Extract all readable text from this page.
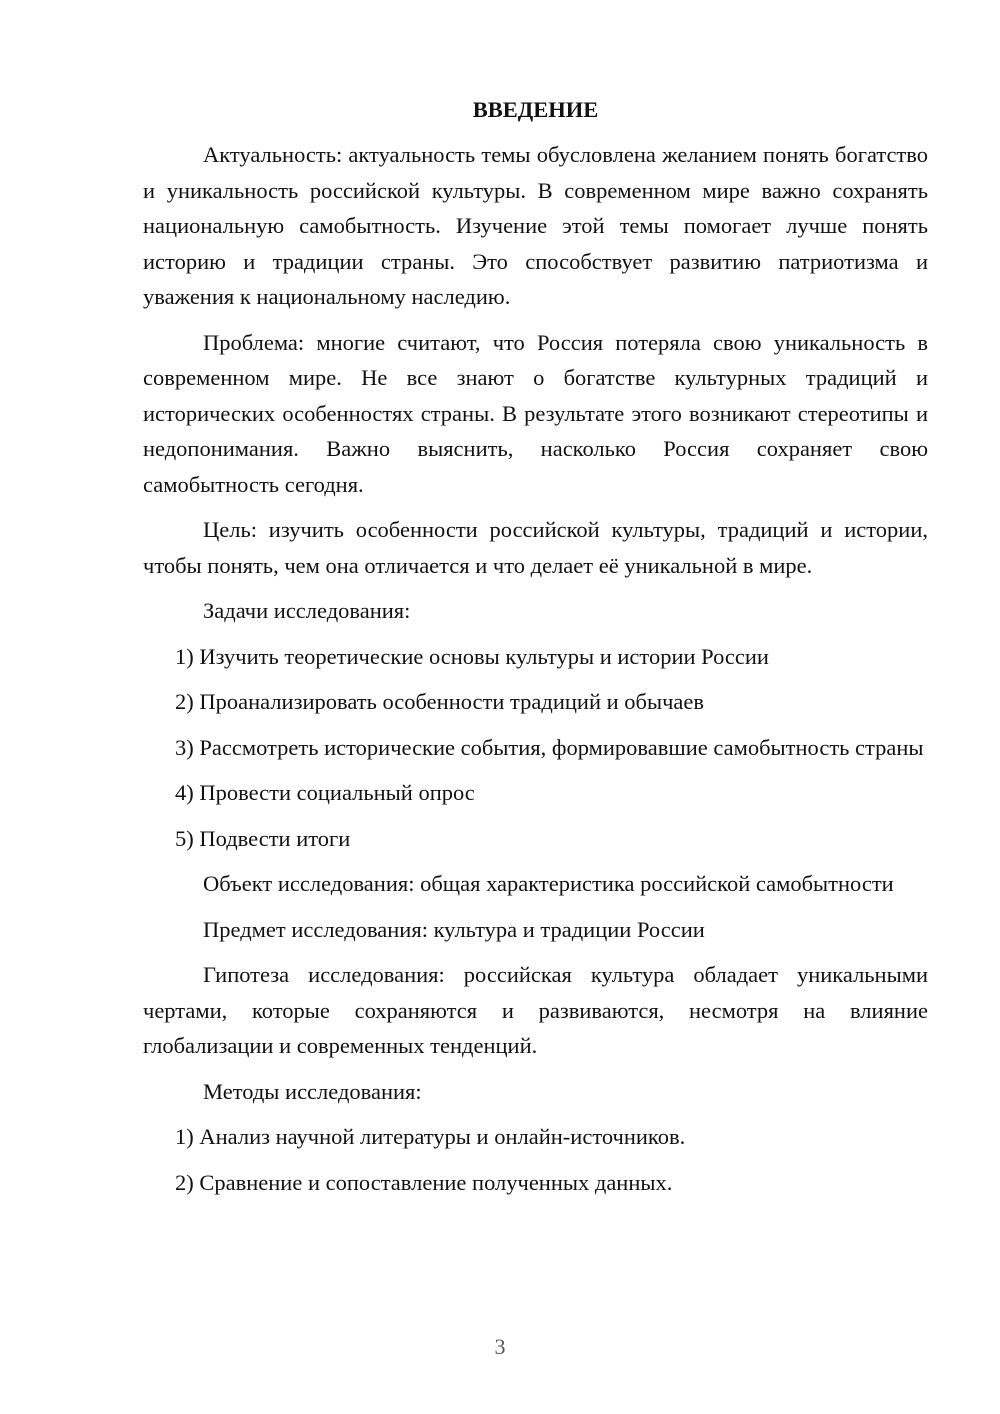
ВВЕДЕНИЕ

Актуальность: актуальность темы обусловлена желанием понять богатство и уникальность российской культуры. В современном мире важно сохранять национальную самобытность. Изучение этой темы помогает лучше понять историю и традиции страны. Это способствует развитию патриотизма и уважения к национальному наследию.

Проблема: многие считают, что Россия потеряла свою уникальность в современном мире. Не все знают о богатстве культурных традиций и исторических особенностях страны. В результате этого возникают стереотипы и недопонимания. Важно выяснить, насколько Россия сохраняет свою самобытность сегодня.

Цель: изучить особенности российской культуры, традиций и истории, чтобы понять, чем она отличается и что делает её уникальной в мире.

Задачи исследования:

1) Изучить теоретические основы культуры и истории России

2) Проанализировать особенности традиций и обычаев

3) Рассмотреть исторические события, формировавшие самобытность страны

4) Провести социальный опрос

5) Подвести итоги

Объект исследования: общая характеристика российской самобытности

Предмет исследования: культура и традиции России

Гипотеза исследования: российская культура обладает уникальными чертами, которые сохраняются и развиваются, несмотря на влияние глобализации и современных тенденций.

Методы исследования:

1) Анализ научной литературы и онлайн-источников.

2) Сравнение и сопоставление полученных данных.

3
